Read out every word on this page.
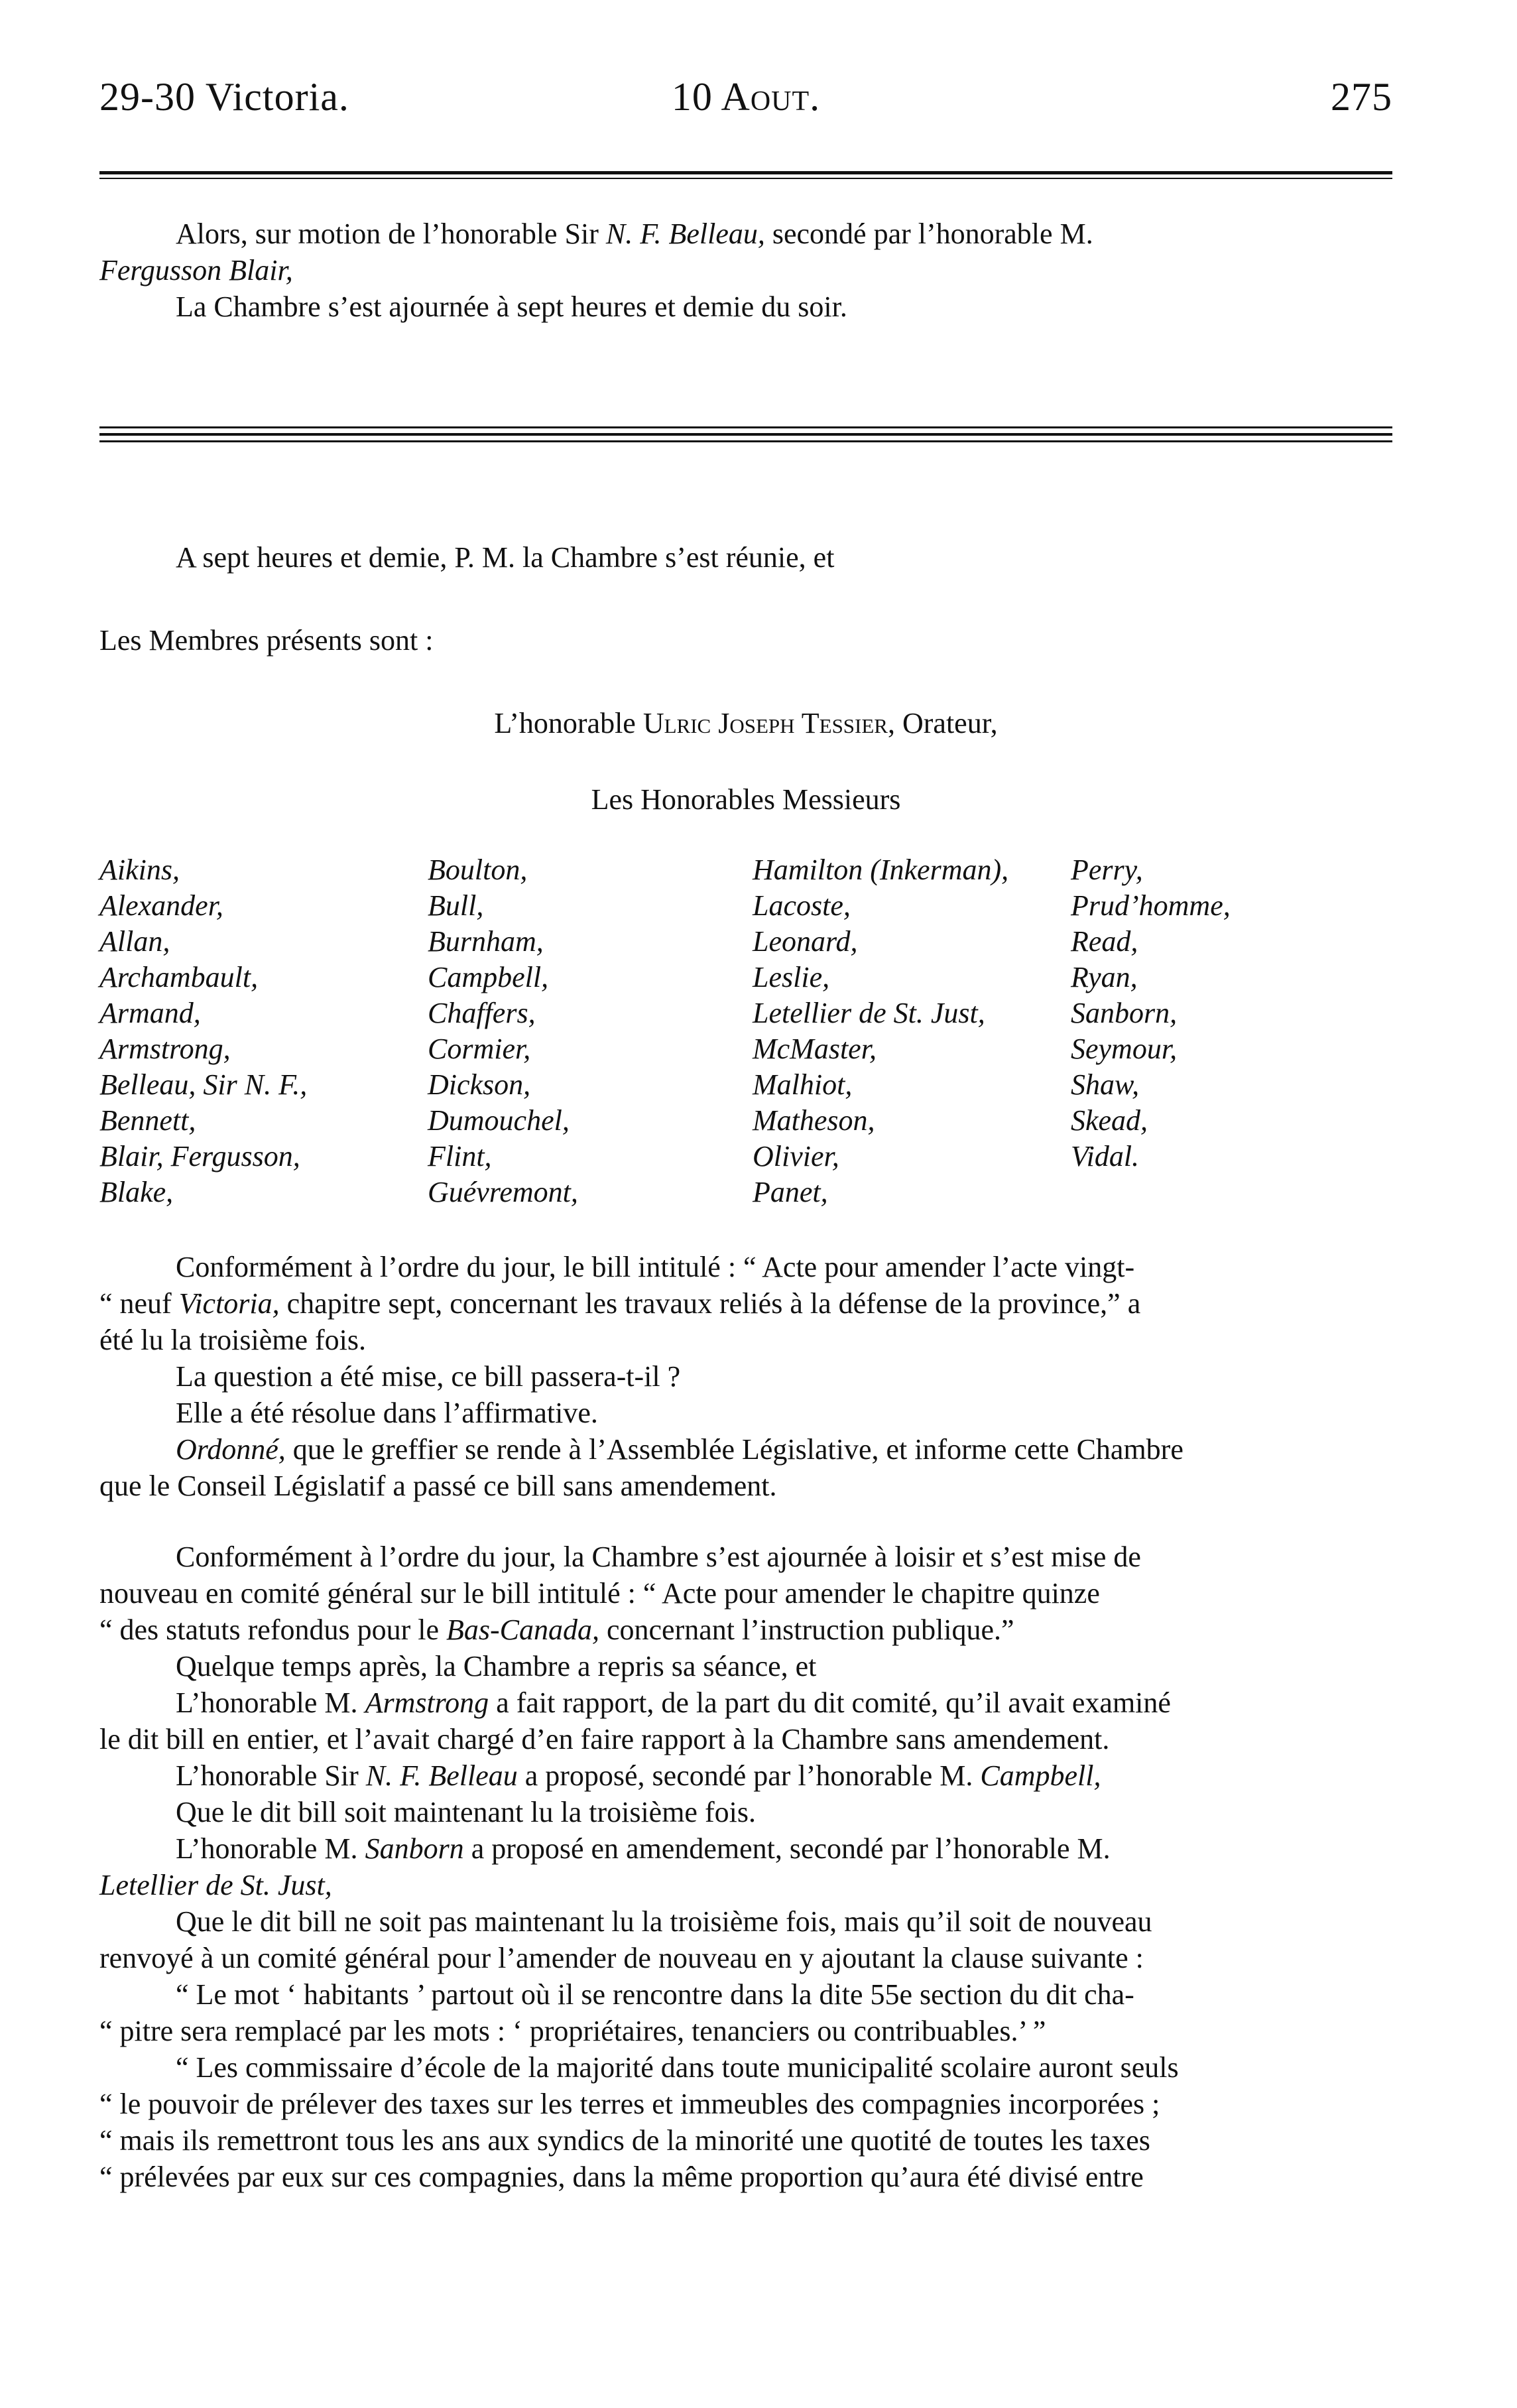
29-30 Victoria.	10 Aout.	275
Alors, sur motion de l’honorable Sir N. F. Belleau, secondé par l’honorable M.
Fergusson Blair,
La Chambre s’est ajournée à sept heures et demie du soir.
A sept heures et demie, P. M. la Chambre s’est réunie, et
Les Membres présents sont :
L’honorable Ulric Joseph Tessier, Orateur,
Les Honorables Messieurs
Aikins,
Alexander,
Allan,
Archambault,
Armand,
Armstrong,
Belleau, Sir N. F.,
Bennett,
Blair, Fergusson,
Blake,
Boulton,
Bull,
Burnham,
Campbell,
Chaffers,
Cormier,
Dickson,
Dumouchel,
Flint,
Guévremont,
Hamilton (Inkerman),
Lacoste,
Leonard,
Leslie,
Letellier de St. Just,
McMaster,
Malhiot,
Matheson,
Olivier,
Panet,
Perry,
Prud’homme,
Read,
Ryan,
Sanborn,
Seymour,
Shaw,
Skead,
Vidal.
Conformément à l’ordre du jour, le bill intitulé : “ Acte pour amender l’acte vingt-
“ neuf Victoria, chapitre sept, concernant les travaux reliés à la défense de la province,” a
été lu la troisième fois.
La question a été mise, ce bill passera-t-il ?
Elle a été résolue dans l’affirmative.
Ordonné, que le greffier se rende à l’Assemblée Législative, et informe cette Chambre
que le Conseil Législatif a passé ce bill sans amendement.
Conformément à l’ordre du jour, la Chambre s’est ajournée à loisir et s’est mise de
nouveau en comité général sur le bill intitulé : “ Acte pour amender le chapitre quinze
“ des statuts refondus pour le Bas-Canada, concernant l’instruction publique.”
Quelque temps après, la Chambre a repris sa séance, et
L’honorable M. Armstrong a fait rapport, de la part du dit comité, qu’il avait examiné
le dit bill en entier, et l’avait chargé d’en faire rapport à la Chambre sans amendement.
L’honorable Sir N. F. Belleau a proposé, secondé par l’honorable M. Campbell,
Que le dit bill soit maintenant lu la troisième fois.
L’honorable M. Sanborn a proposé en amendement, secondé par l’honorable M.
Letellier de St. Just,
Que le dit bill ne soit pas maintenant lu la troisième fois, mais qu’il soit de nouveau
renvoyé à un comité général pour l’amender de nouveau en y ajoutant la clause suivante :
“ Le mot ‘ habitants ’ partout où il se rencontre dans la dite 55e section du dit cha-
“ pitre sera remplacé par les mots : ‘ propriétaires, tenanciers ou contribuables.’ ”
“ Les commissaire d’école de la majorité dans toute municipalité scolaire auront seuls
“ le pouvoir de prélever des taxes sur les terres et immeubles des compagnies incorporées ;
“ mais ils remettront tous les ans aux syndics de la minorité une quotité de toutes les taxes
“ prélevées par eux sur ces compagnies, dans la même proportion qu’aura été divisé entre
